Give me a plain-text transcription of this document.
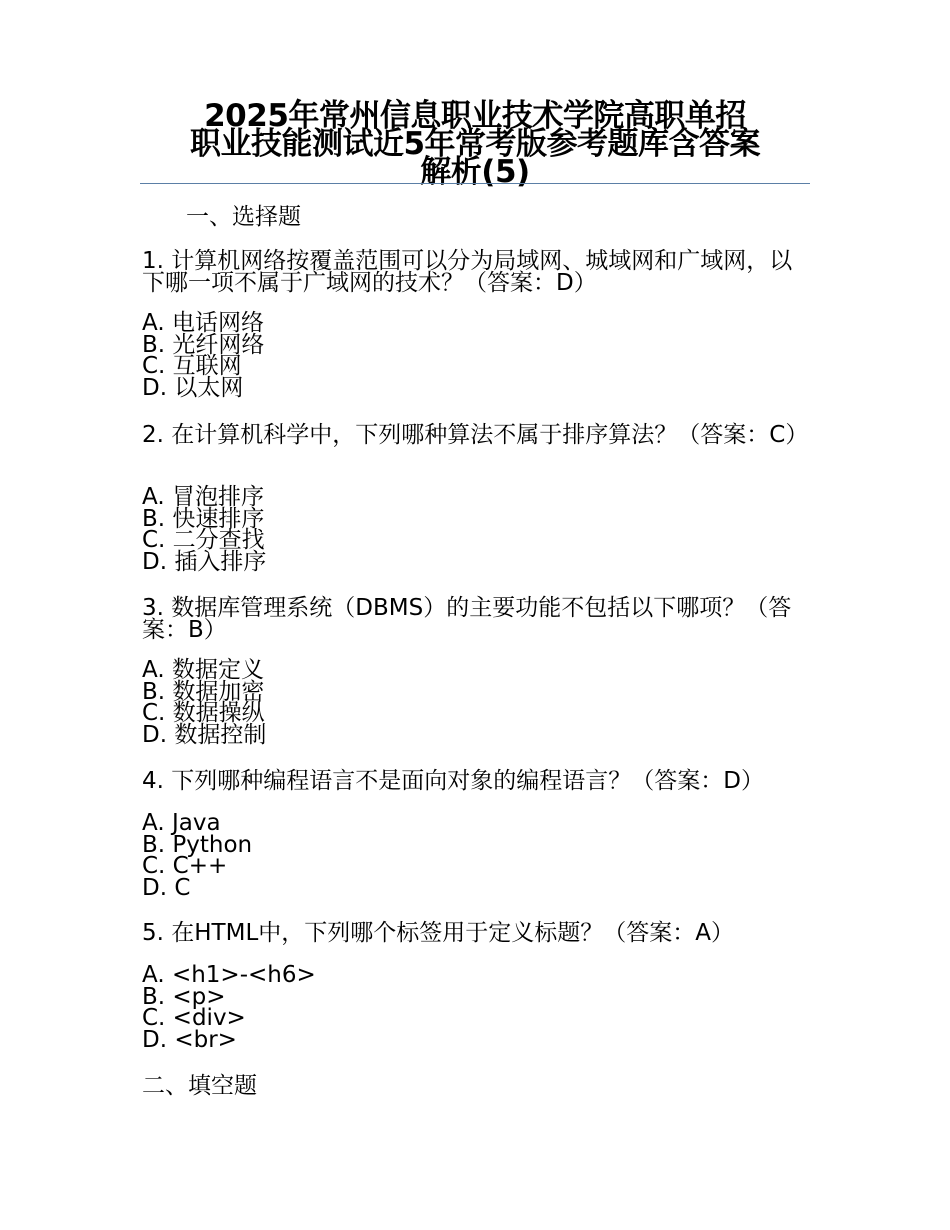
2025年常州信息职业技术学院高职单招
职业技能测试近5年常考版参考题库含答案
解析(5)
一、选择题

1. 计算机网络按覆盖范围可以分为局域网、城域网和广域网，以下哪一项不属于广域网的技术？（答案：D）

A. 电话网络
B. 光纤网络
C. 互联网
D. 以太网

2. 在计算机科学中，下列哪种算法不属于排序算法？（答案：C）

A. 冒泡排序
B. 快速排序
C. 二分查找
D. 插入排序

3. 数据库管理系统（DBMS）的主要功能不包括以下哪项？（答案：B）

A. 数据定义
B. 数据加密
C. 数据操纵
D. 数据控制

4. 下列哪种编程语言不是面向对象的编程语言？（答案：D）

A. Java
B. Python
C. C++
D. C

5. 在HTML中，下列哪个标签用于定义标题？（答案：A）

A. <h1>-<h6>
B. <p>
C. <div>
D. <br>
二、填空题
